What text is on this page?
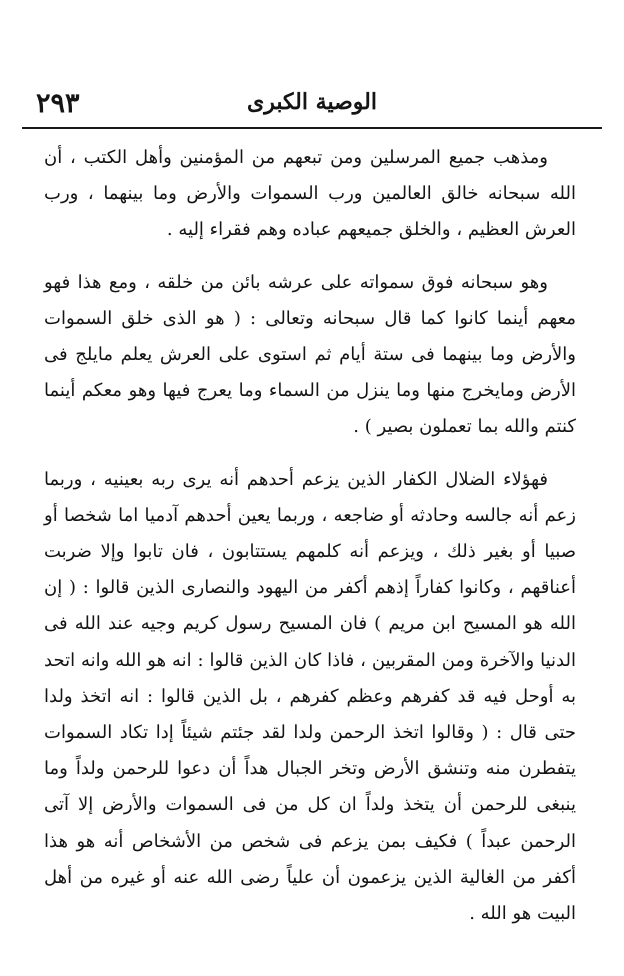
٢٩٣	الوصية الكبرى

ومذهب جميع المرسلين ومن تبعهم من المؤمنين وأهل الكتب ، أن الله سبحانه خالق العالمين ورب السموات والأرض وما بينهما ، ورب العرش العظيم ، والخلق جميعهم عباده وهم فقراء إليه .

وهو سبحانه فوق سمواته على عرشه بائن من خلقه ، ومع هذا فهو معهم أينما كانوا كما قال سبحانه وتعالى : ( هو الذى خلق السموات والأرض وما بينهما فى ستة أيام ثم استوى على العرش يعلم مايلج فى الأرض ومايخرج منها وما ينزل من السماء وما يعرج فيها وهو معكم أينما كنتم والله بما تعملون بصير ) .

فهؤلاء الضلال الكفار الذين يزعم أحدهم أنه يرى ربه بعينيه ، وربما زعم أنه جالسه وحادثه أو ضاجعه ، وربما يعين أحدهم آدميا اما شخصا أو صبيا أو بغير ذلك ، ويزعم أنه كلمهم يستتابون ، فان تابوا وإلا ضربت أعناقهم ، وكانوا كفاراً إذهم أكفر من اليهود والنصارى الذين قالوا : ( إن الله هو المسيح ابن مريم ) فان المسيح رسول كريم وجيه عند الله فى الدنيا والآخرة ومن المقربين ، فاذا كان الذين قالوا : انه هو الله وانه اتحد به أوحل فيه قد كفرهم وعظم كفرهم ، بل الذين قالوا : انه اتخذ ولدا حتى قال : ( وقالوا اتخذ الرحمن ولدا لقد جئتم شيئاً إدا تكاد السموات يتفطرن منه وتنشق الأرض وتخر الجبال هداً أن دعوا للرحمن ولداً وما ينبغى للرحمن أن يتخذ ولداً ان كل من فى السموات والأرض إلا آتى الرحمن عبداً ) فكيف بمن يزعم فى شخص من الأشخاص أنه هو هذا أكفر من الغالية الذين يزعمون أن علياً رضى الله عنه أو غيره من أهل البيت هو الله .
